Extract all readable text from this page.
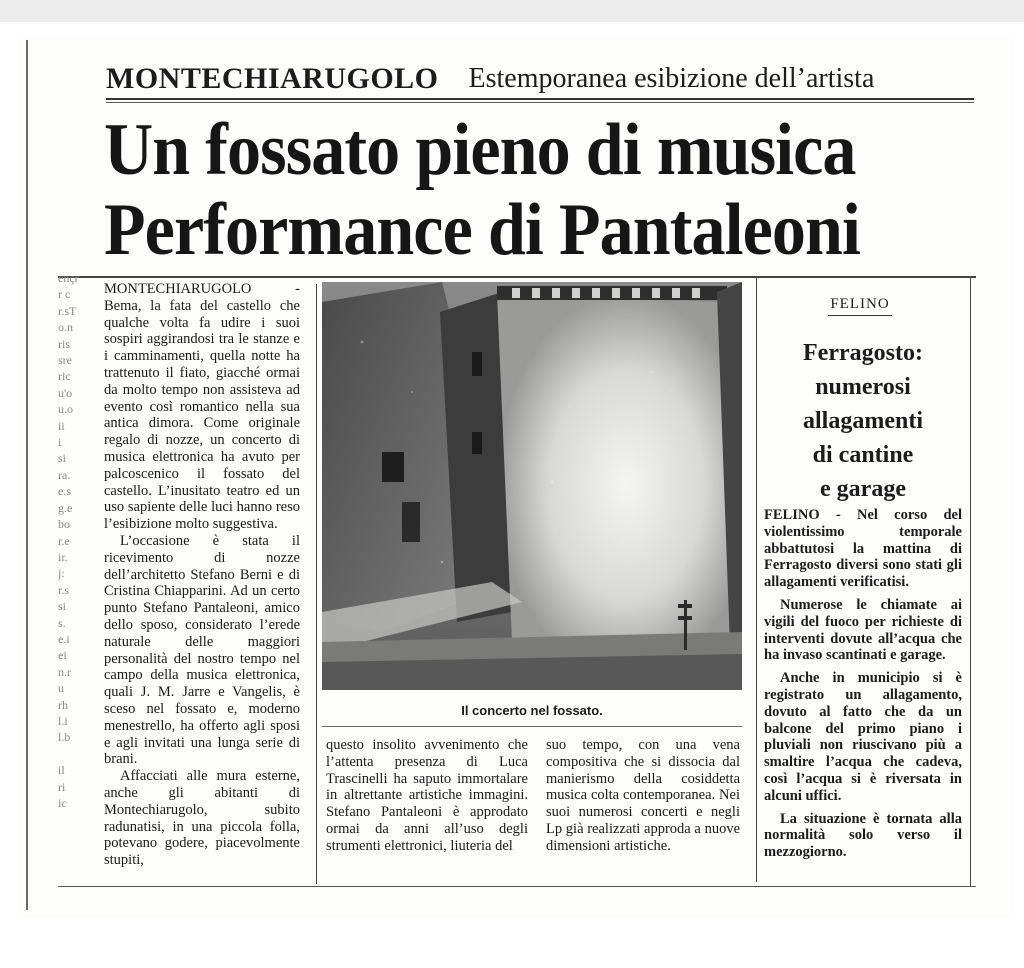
MONTECHIARUGOLO Estemporanea esibizione dell’artista
Un fossato pieno di musica
Performance di Pantaleoni
ençr
r c
r.sT
o.n
ris
sre
ric
u'o
u.o
ii
i
si
ra.
e.s
g.e
bo
r.e
ir.
j:
r.s
si
s.
e.i
ei
n.r
u
rh
l.i
l.b

il
ri
ic

MONTECHIARUGOLO - Bema, la fata del castello che qualche volta fa udire i suoi sospiri aggirandosi tra le stanze e i camminamenti, quella notte ha trattenuto il fiato, giacché ormai da molto tempo non assisteva ad evento così romantico nella sua antica dimora. Come originale regalo di nozze, un concerto di musica elettronica ha avuto per palcoscenico il fossato del castello. L’inusitato teatro ed un uso sapiente delle luci hanno reso l’esibizione molto suggestiva.

L’occasione è stata il ricevimento di nozze dell’architetto Stefano Berni e di Cristina Chiapparini. Ad un certo punto Stefano Pantaleoni, amico dello sposo, considerato l’erede naturale delle maggiori personalità del nostro tempo nel campo della musica elettronica, quali J. M. Jarre e Vangelis, è sceso nel fossato e, moderno menestrello, ha offerto agli sposi e agli invitati una lunga serie di brani.

Affacciati alle mura esterne, anche gli abitanti di Montechiarugolo, subito radunatisi, in una piccola folla, potevano godere, piacevolmente stupiti,

Il concerto nel fossato.

questo insolito avvenimento che l’attenta presenza di Luca Trascinelli ha saputo immortalare in altrettante artistiche immagini. Stefano Pantaleoni è approdato ormai da anni all’uso degli strumenti elettronici, liuteria del

suo tempo, con una vena compositiva che si dissocia dal manierismo della cosiddetta musica colta contemporanea. Nei suoi numerosi concerti e negli Lp già realizzati approda a nuove dimensioni artistiche.

FELINO
Ferragosto:
numerosi
allagamenti
di cantine
e garage

FELINO - Nel corso del violentissimo temporale abbattutosi la mattina di Ferragosto diversi sono stati gli allagamenti verificatisi.

Numerose le chiamate ai vigili del fuoco per richieste di interventi dovute all’acqua che ha invaso scantinati e garage.

Anche in municipio si è registrato un allagamento, dovuto al fatto che da un balcone del primo piano i pluviali non riuscivano più a smaltire l’acqua che cadeva, così l’acqua si è riversata in alcuni uffici.

La situazione è tornata alla normalità solo verso il mezzogiorno.
